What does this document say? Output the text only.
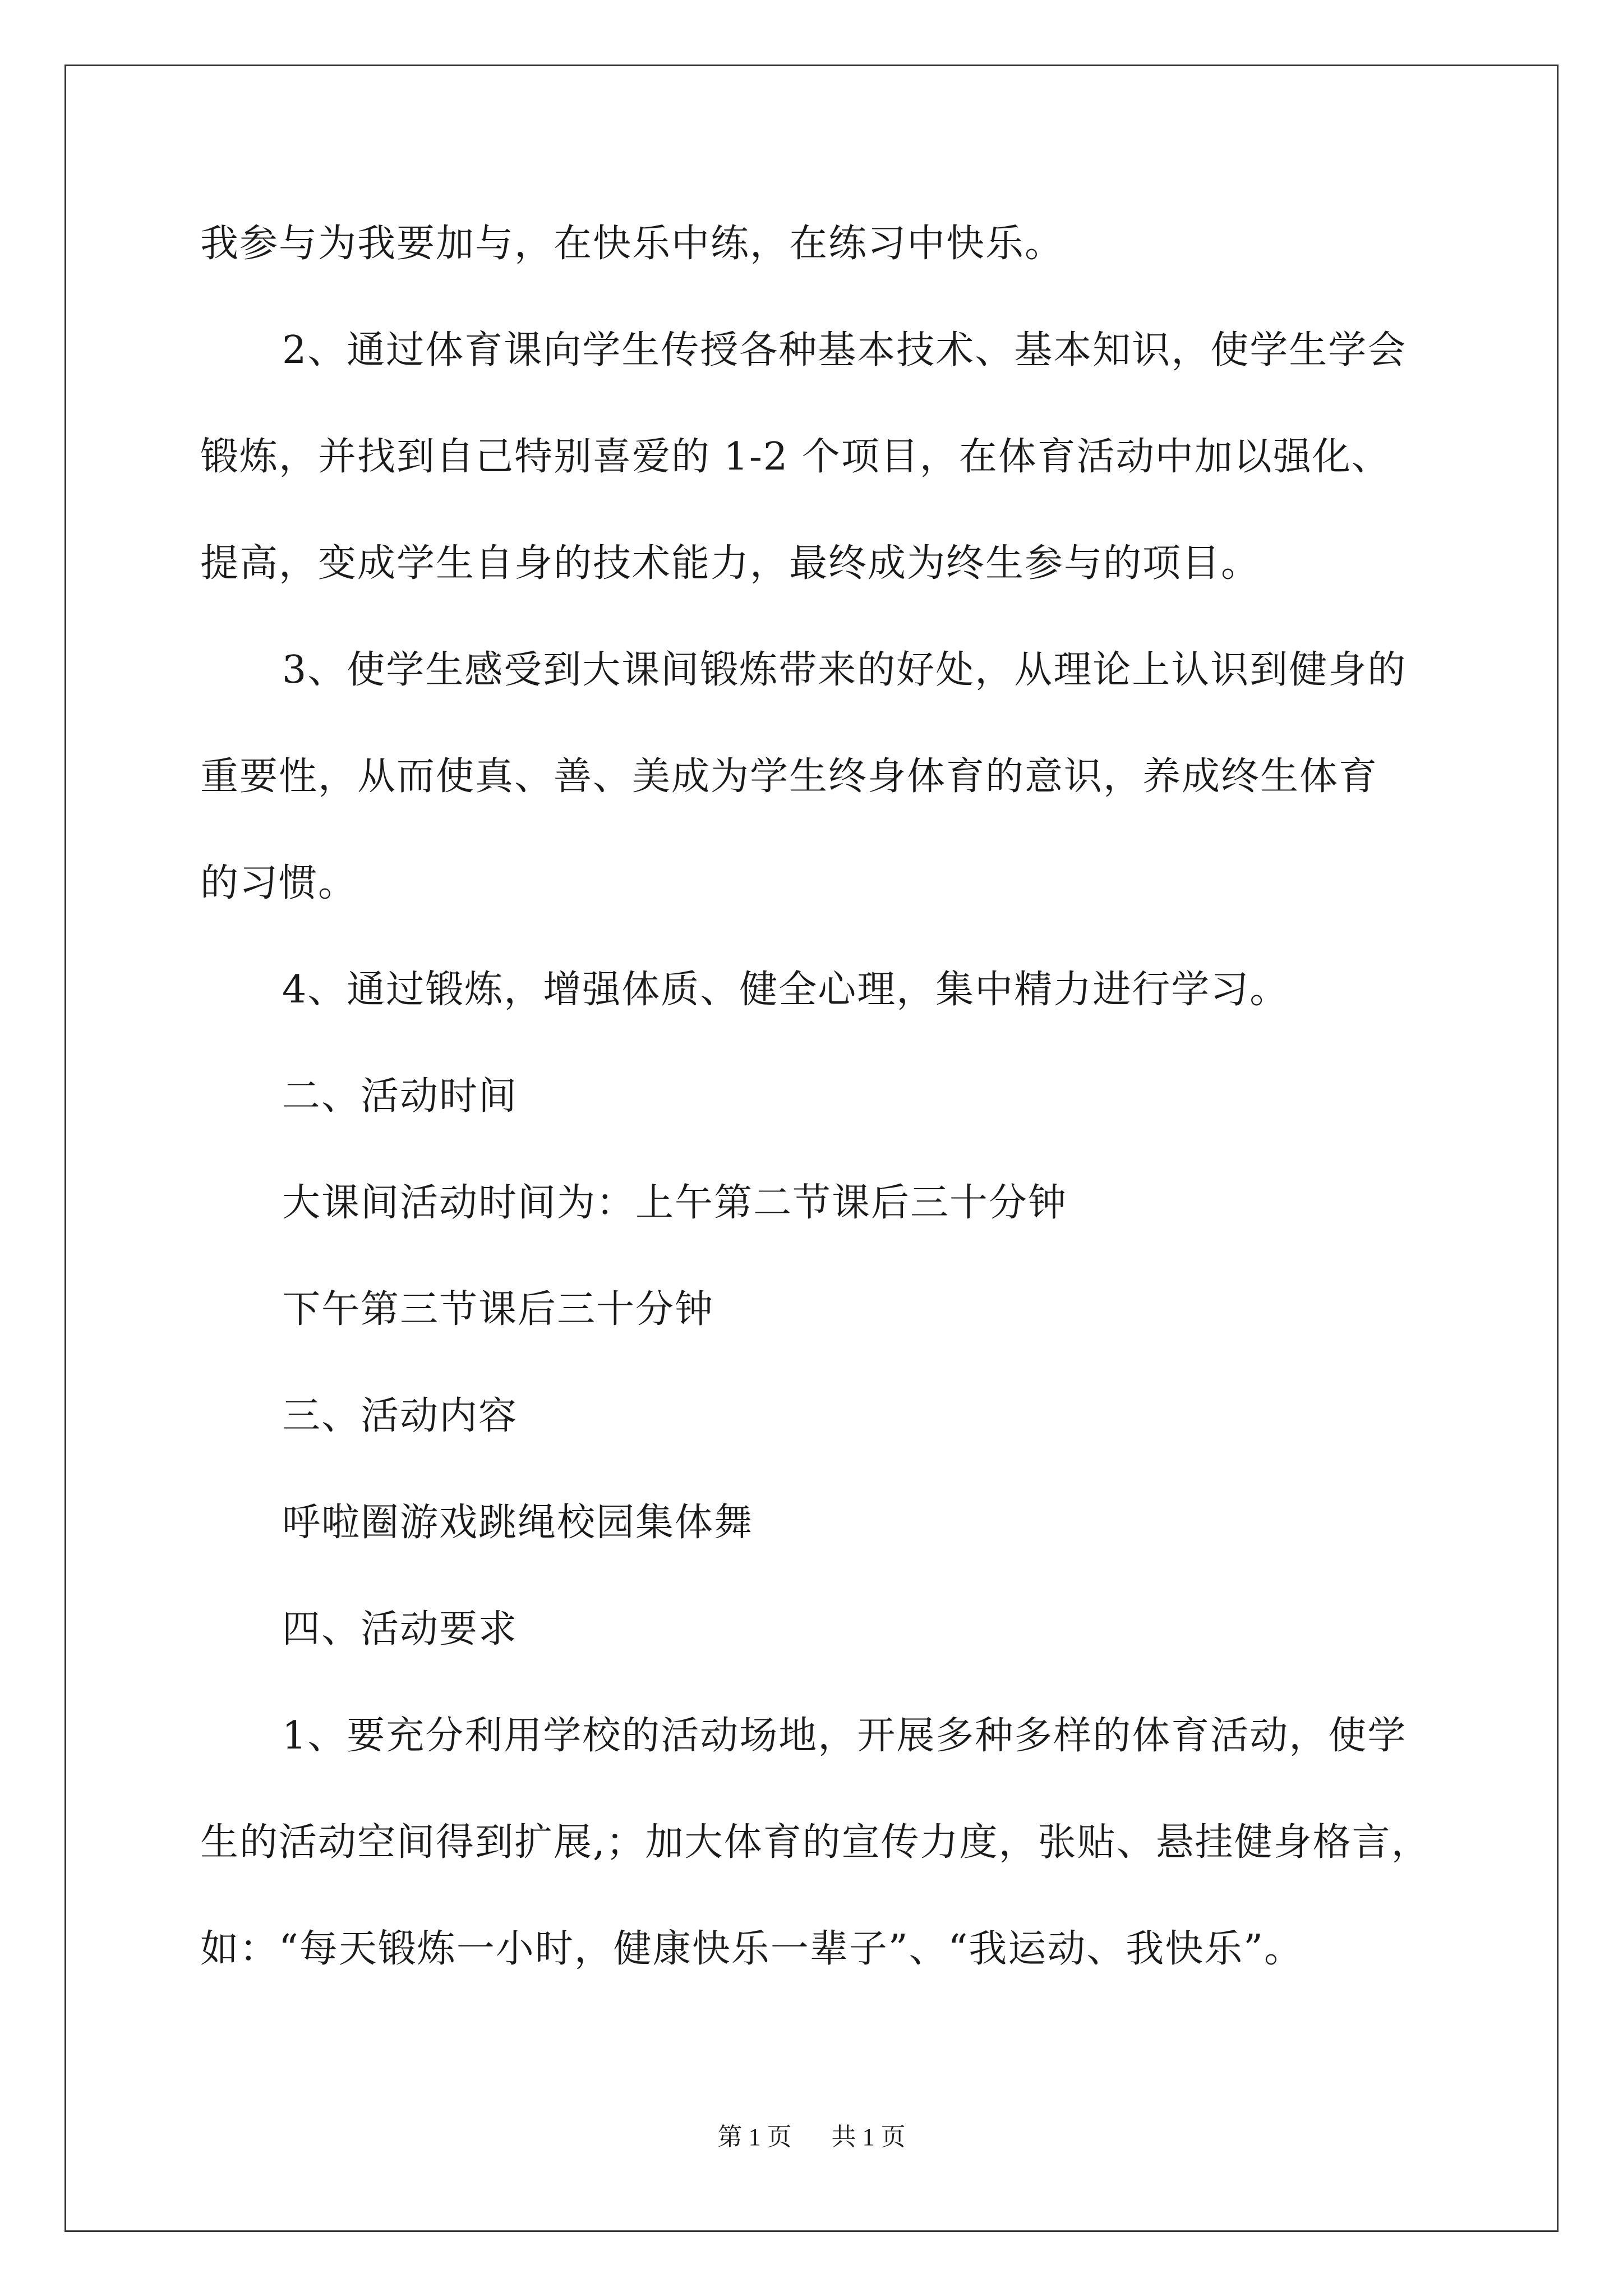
我参与为我要加与，在快乐中练，在练习中快乐。
2、通过体育课向学生传授各种基本技术、基本知识，使学生学会
锻炼，并找到自己特别喜爱的 1-2 个项目，在体育活动中加以强化、
提高，变成学生自身的技术能力，最终成为终生参与的项目。
3、使学生感受到大课间锻炼带来的好处，从理论上认识到健身的
重要性，从而使真、善、美成为学生终身体育的意识，养成终生体育
的习惯。
4、通过锻炼，增强体质、健全心理，集中精力进行学习。
二、活动时间
大课间活动时间为：上午第二节课后三十分钟
下午第三节课后三十分钟
三、活动内容
呼啦圈游戏跳绳校园集体舞
四、活动要求
1、要充分利用学校的活动场地，开展多种多样的体育活动，使学
生的活动空间得到扩展,；加大体育的宣传力度，张贴、悬挂健身格言，
如：“每天锻炼一小时，健康快乐一辈子”、“我运动、我快乐”。
第 1 页 共 1 页
